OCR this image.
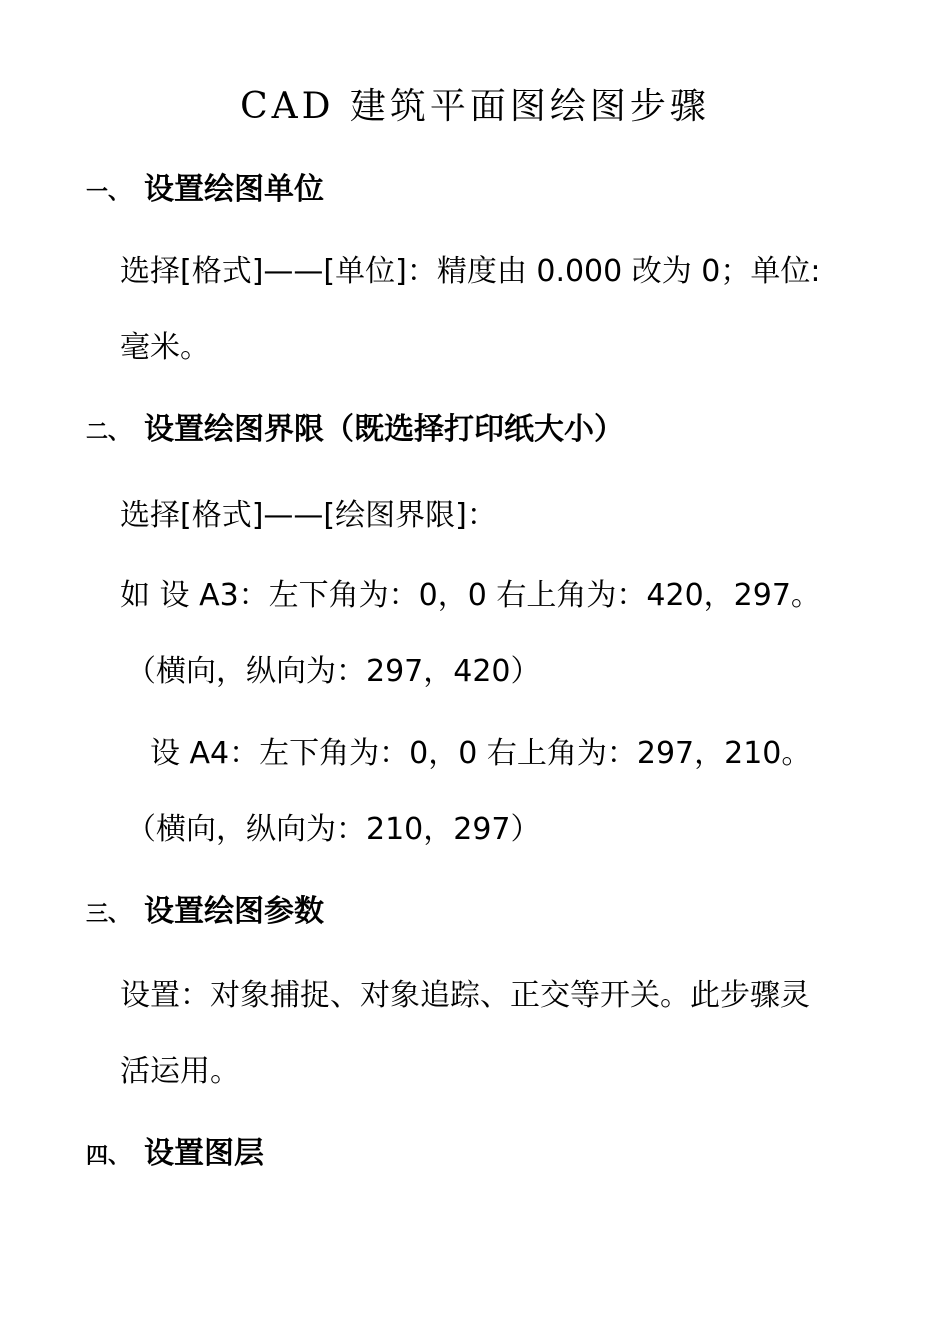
CAD 建筑平面图绘图步骤
一、 设置绘图单位
选择[格式]——[单位]：精度由 0.000 改为 0；单位:
毫米。
二、 设置绘图界限（既选择打印纸大小）
选择[格式]——[绘图界限]：
如 设 A3：左下角为：0，0 右上角为：420，297。
（横向，纵向为：297，420）
设 A4：左下角为：0，0 右上角为：297，210。
（横向，纵向为：210，297）
三、 设置绘图参数
设置：对象捕捉、对象追踪、正交等开关。此步骤灵
活运用。
四、 设置图层
